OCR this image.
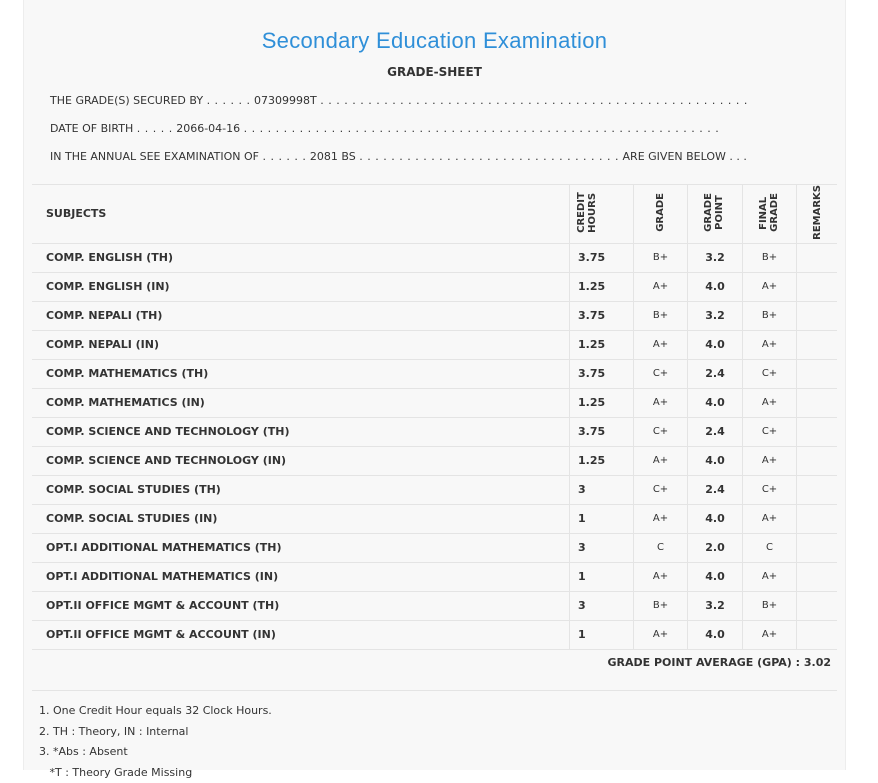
Secondary Education Examination
GRADE-SHEET
THE GRADE(S) SECURED BY . . . . . . 07309998T . . . . . . . . . . . . . . . . . . . . . . . . . . . . . . . . . . . . . . . . . . . . . . . . . . . . . .
DATE OF BIRTH . . . . . 2066-04-16 . . . . . . . . . . . . . . . . . . . . . . . . . . . . . . . . . . . . . . . . . . . . . . . . . . . . . . . . . . . .
IN THE ANNUAL SEE EXAMINATION OF . . . . . . 2081 BS . . . . . . . . . . . . . . . . . . . . . . . . . . . . . . . . . ARE GIVEN BELOW . . .
SUBJECTS	CREDIT HOURS	GRADE	GRADE POINT	FINAL GRADE	REMARKS
COMP. ENGLISH (TH)	3.75	B+	3.2	B+	
COMP. ENGLISH (IN)	1.25	A+	4.0	A+	
COMP. NEPALI (TH)	3.75	B+	3.2	B+	
COMP. NEPALI (IN)	1.25	A+	4.0	A+	
COMP. MATHEMATICS (TH)	3.75	C+	2.4	C+	
COMP. MATHEMATICS (IN)	1.25	A+	4.0	A+	
COMP. SCIENCE AND TECHNOLOGY (TH)	3.75	C+	2.4	C+	
COMP. SCIENCE AND TECHNOLOGY (IN)	1.25	A+	4.0	A+	
COMP. SOCIAL STUDIES (TH)	3	C+	2.4	C+	
COMP. SOCIAL STUDIES (IN)	1	A+	4.0	A+	
OPT.I ADDITIONAL MATHEMATICS (TH)	3	C	2.0	C	
OPT.I ADDITIONAL MATHEMATICS (IN)	1	A+	4.0	A+	
OPT.II OFFICE MGMT & ACCOUNT (TH)	3	B+	3.2	B+	
OPT.II OFFICE MGMT & ACCOUNT (IN)	1	A+	4.0	A+	
GRADE POINT AVERAGE (GPA) : 3.02
1. One Credit Hour equals 32 Clock Hours.
2. TH : Theory, IN : Internal
3. *Abs : Absent
*T : Theory Grade Missing
